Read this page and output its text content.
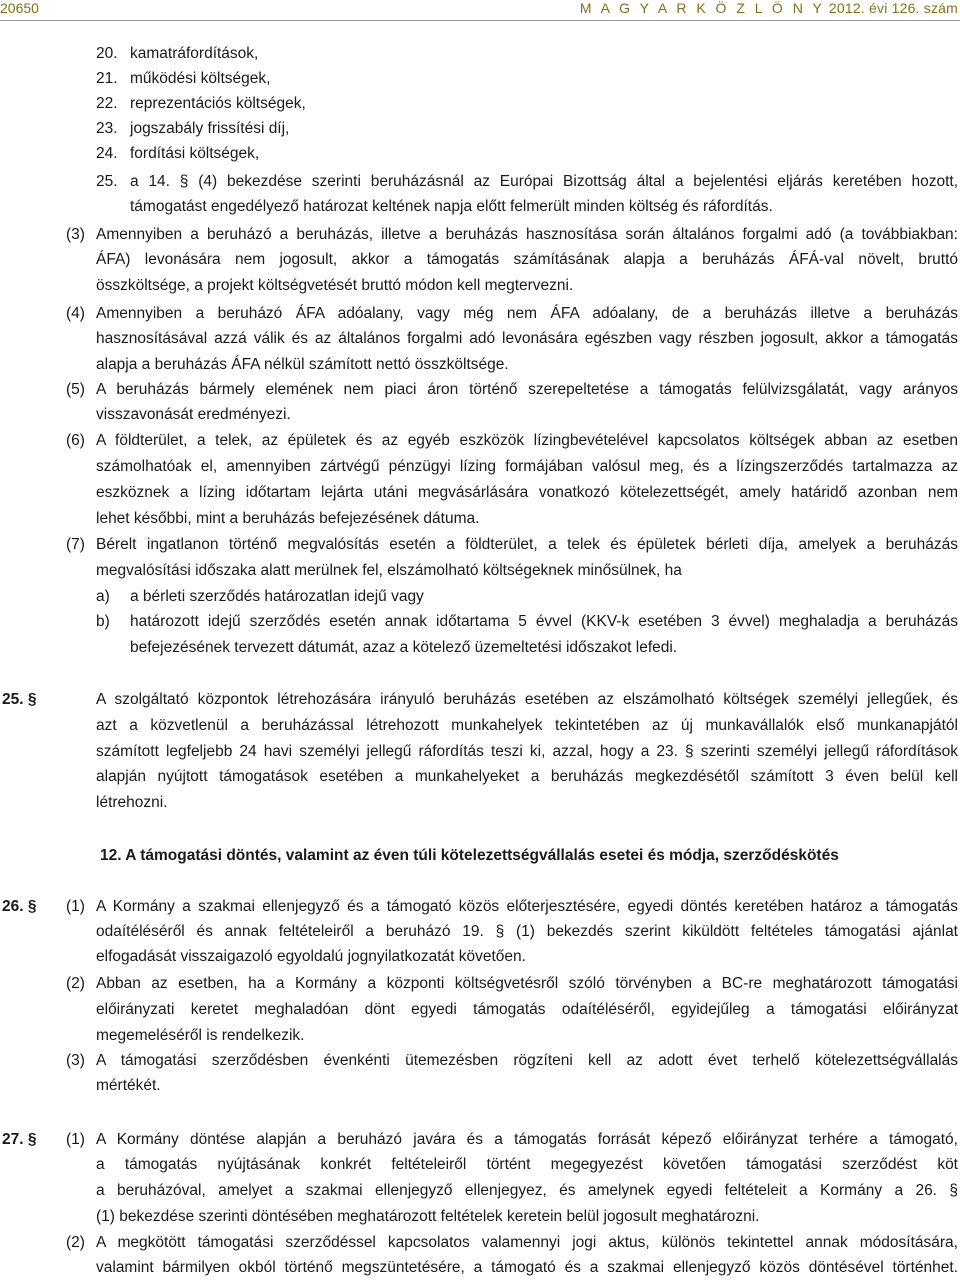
20650	M A G Y A R K Ö Z L Ö N Y 2012. évi 126. szám
20. kamatráfordítások,
21. működési költségek,
22. reprezentációs költségek,
23. jogszabály frissítési díj,
24. fordítási költségek,
25. a 14. § (4) bekezdése szerinti beruházásnál az Európai Bizottság által a bejelentési eljárás keretében hozott,
támogatást engedélyező határozat keltének napja előtt felmerült minden költség és ráfordítás.
(3) Amennyiben a beruházó a beruházás, illetve a beruházás hasznosítása során általános forgalmi adó (a továbbiakban:
ÁFA) levonására nem jogosult, akkor a támogatás számításának alapja a beruházás ÁFÁ-val növelt, bruttó
összköltsége, a projekt költségvetését bruttó módon kell megtervezni.
(4) Amennyiben a beruházó ÁFA adóalany, vagy még nem ÁFA adóalany, de a beruházás illetve a beruházás
hasznosításával azzá válik és az általános forgalmi adó levonására egészben vagy részben jogosult, akkor a támogatás
alapja a beruházás ÁFA nélkül számított nettó összköltsége.
(5) A beruházás bármely elemének nem piaci áron történő szerepeltetése a támogatás felülvizsgálatát, vagy arányos
visszavonását eredményezi.
(6) A földterület, a telek, az épületek és az egyéb eszközök lízingbevételével kapcsolatos költségek abban az esetben
számolhatóak el, amennyiben zártvégű pénzügyi lízing formájában valósul meg, és a lízingszerződés tartalmazza az
eszköznek a lízing időtartam lejárta utáni megvásárlására vonatkozó kötelezettségét, amely határidő azonban nem
lehet későbbi, mint a beruházás befejezésének dátuma.
(7) Bérelt ingatlanon történő megvalósítás esetén a földterület, a telek és épületek bérleti díja, amelyek a beruházás
megvalósítási időszaka alatt merülnek fel, elszámolható költségeknek minősülnek, ha
a) a bérleti szerződés határozatlan idejű vagy
b) határozott idejű szerződés esetén annak időtartama 5 évvel (KKV-k esetében 3 évvel) meghaladja a beruházás
befejezésének tervezett dátumát, azaz a kötelező üzemeltetési időszakot lefedi.
25. §	A szolgáltató központok létrehozására irányuló beruházás esetében az elszámolható költségek személyi jellegűek, és
azt a közvetlenül a beruházással létrehozott munkahelyek tekintetében az új munkavállalók első munkanapjától
számított legfeljebb 24 havi személyi jellegű ráfordítás teszi ki, azzal, hogy a 23. § szerinti személyi jellegű ráfordítások
alapján nyújtott támogatások esetében a munkahelyeket a beruházás megkezdésétől számított 3 éven belül kell
létrehozni.
12. A támogatási döntés, valamint az éven túli kötelezettségvállalás esetei és módja, szerződéskötés
26. § (1) A Kormány a szakmai ellenjegyző és a támogató közös előterjesztésére, egyedi döntés keretében határoz a támogatás
odaítéléséről és annak feltételeiről a beruházó 19. § (1) bekezdés szerint kiküldött feltételes támogatási ajánlat
elfogadását visszaigazoló egyoldalú jognyilatkozatát követően.
(2) Abban az esetben, ha a Kormány a központi költségvetésről szóló törvényben a BC-re meghatározott támogatási
előirányzati keretet meghaladóan dönt egyedi támogatás odaítéléséről, egyidejűleg a támogatási előirányzat
megemeléséről is rendelkezik.
(3) A támogatási szerződésben évenkénti ütemezésben rögzíteni kell az adott évet terhelő kötelezettségvállalás
mértékét.
27. § (1) A Kormány döntése alapján a beruházó javára és a támogatás forrását képező előirányzat terhére a támogató,
a támogatás nyújtásának konkrét feltételeiről történt megegyezést követően támogatási szerződést köt
a beruházóval, amelyet a szakmai ellenjegyző ellenjegyez, és amelynek egyedi feltételeit a Kormány a 26. §
(1) bekezdése szerinti döntésében meghatározott feltételek keretein belül jogosult meghatározni.
(2) A megkötött támogatási szerződéssel kapcsolatos valamennyi jogi aktus, különös tekintettel annak módosítására,
valamint bármilyen okból történő megszüntetésére, a támogató és a szakmai ellenjegyző közös döntésével történhet.
